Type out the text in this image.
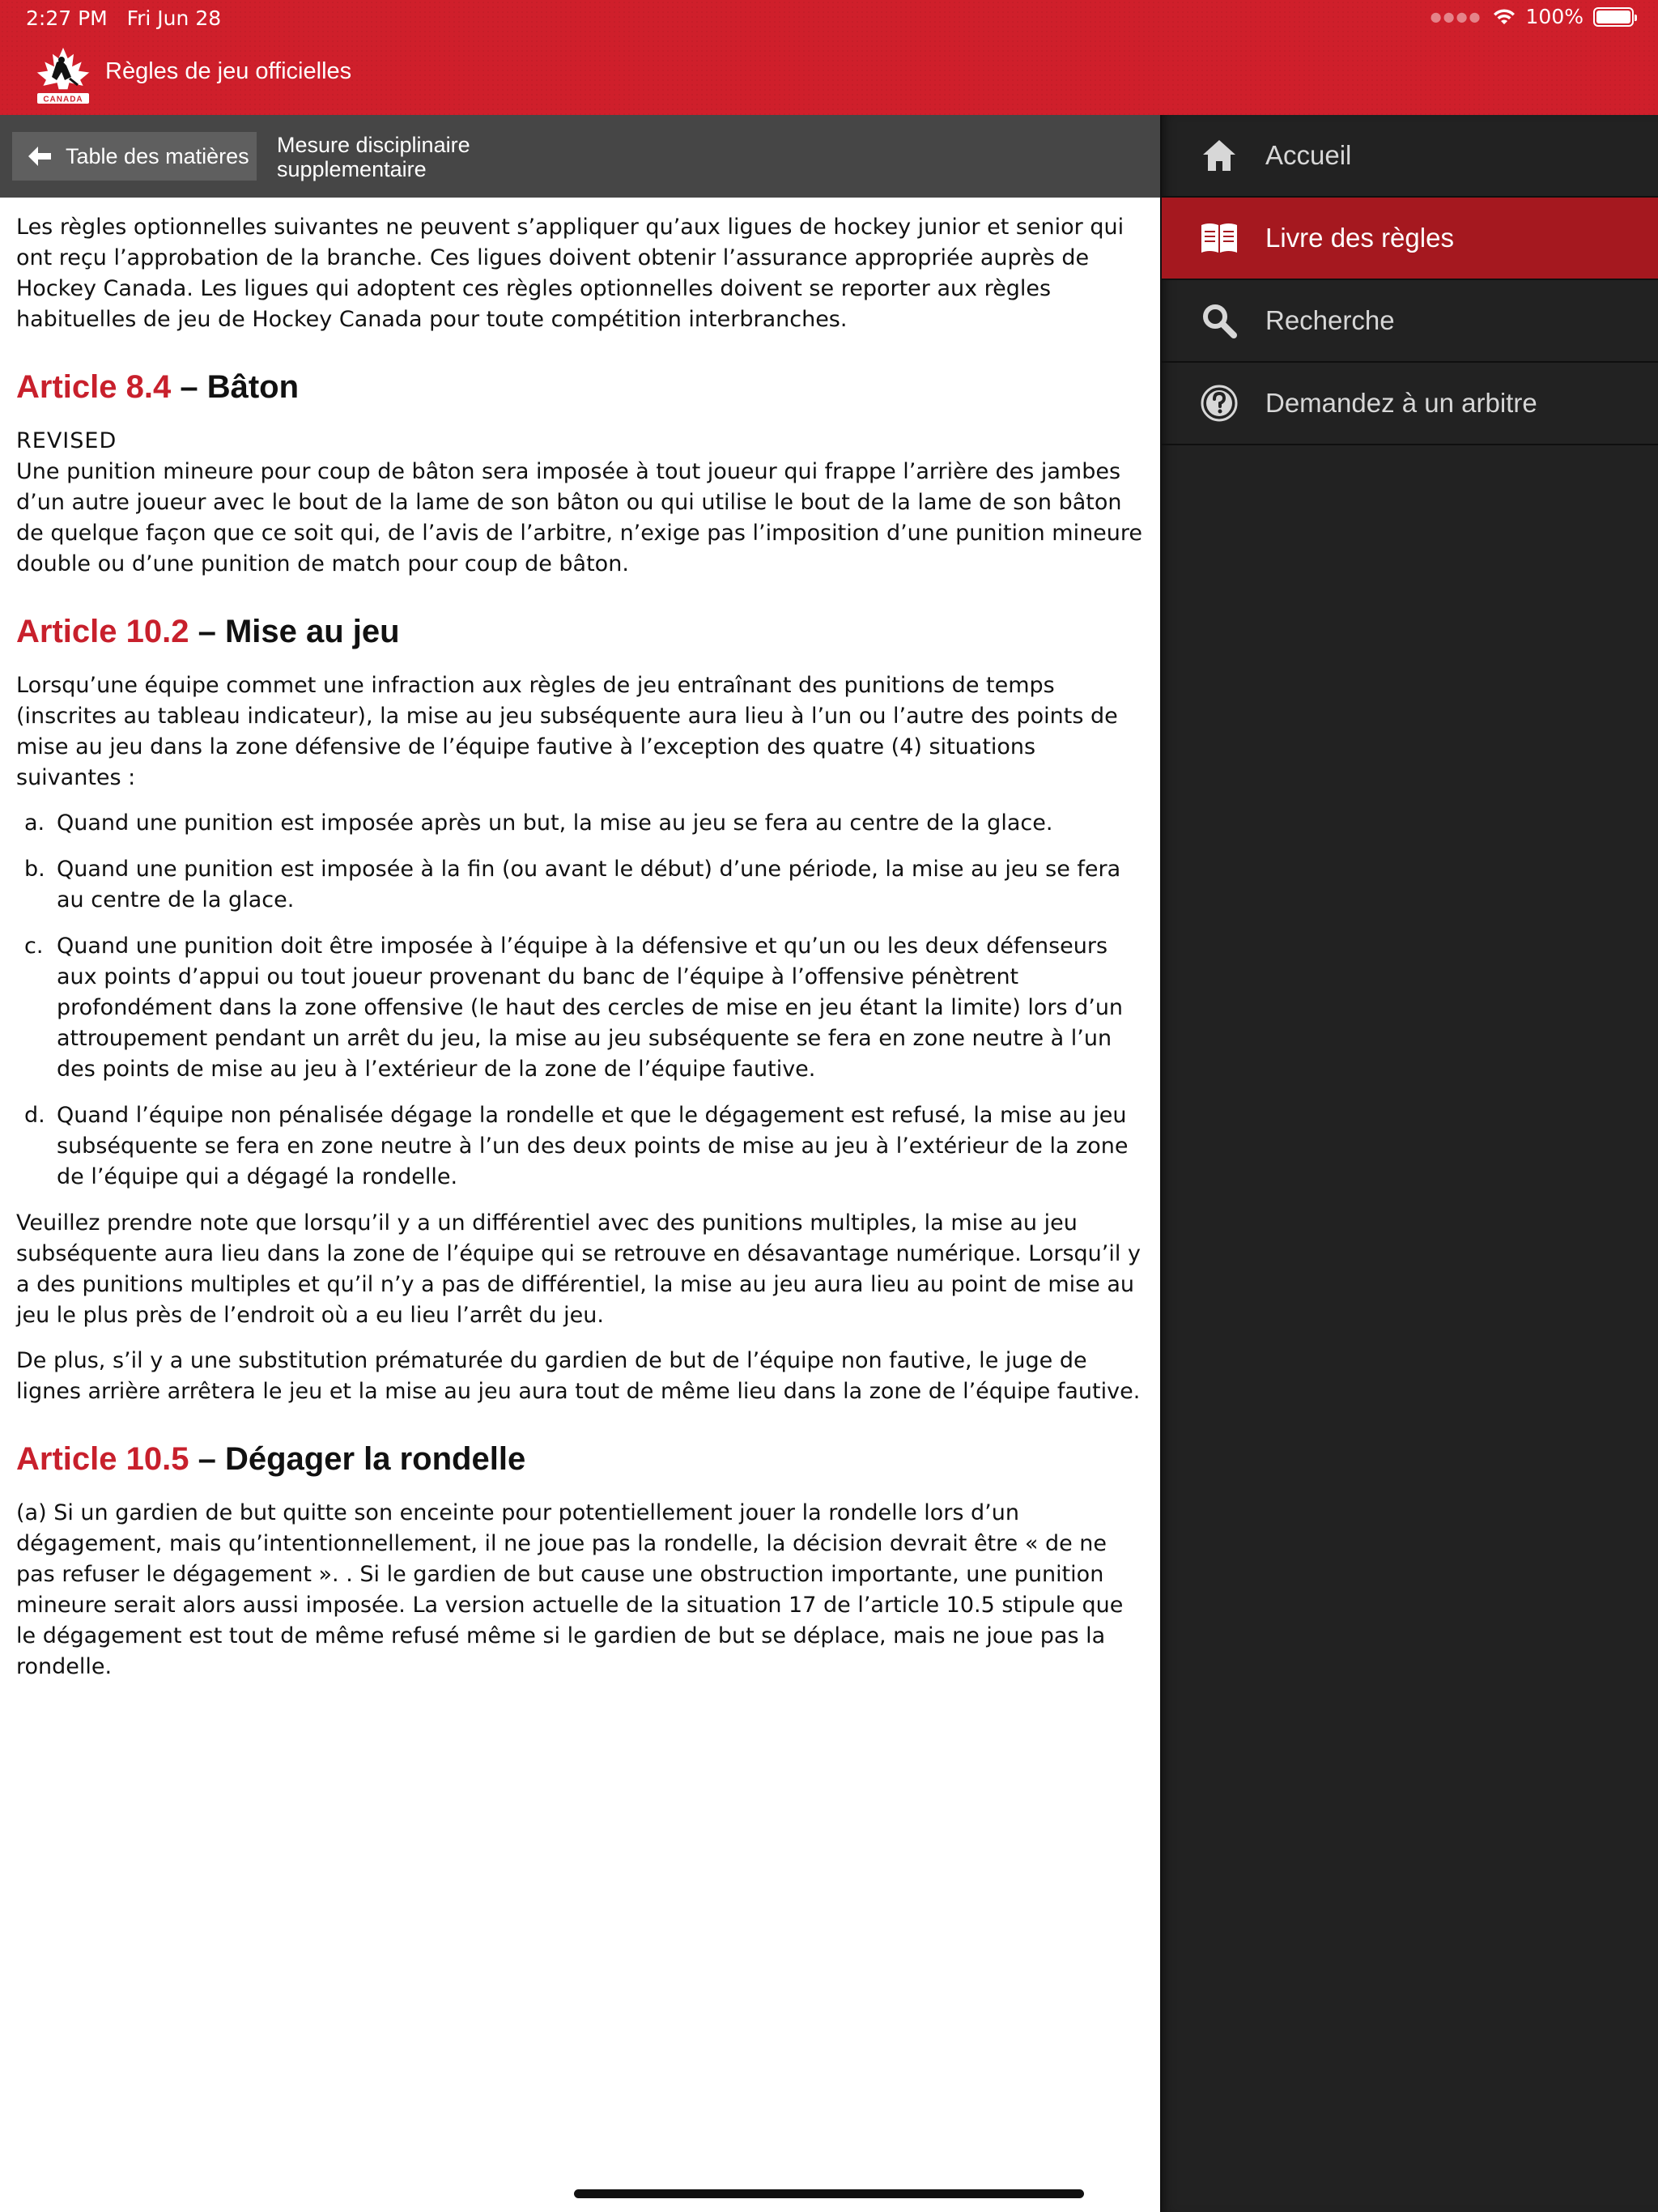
2:27 PM Fri Jun 28	●●●● 100%
CANADA
Règles de jeu officielles
Table des matières Mesure disciplinaire supplementaire

Les règles optionnelles suivantes ne peuvent s’appliquer qu’aux ligues de hockey junior et senior qui ont reçu l’approbation de la branche. Ces ligues doivent obtenir l’assurance appropriée auprès de Hockey Canada. Les ligues qui adoptent ces règles optionnelles doivent se reporter aux règles habituelles de jeu de Hockey Canada pour toute compétition interbranches.

Article 8.4 – Bâton
REVISED

Une punition mineure pour coup de bâton sera imposée à tout joueur qui frappe l’arrière des jambes d’un autre joueur avec le bout de la lame de son bâton ou qui utilise le bout de la lame de son bâton de quelque façon que ce soit qui, de l’avis de l’arbitre, n’exige pas l’imposition d’une punition mineure double ou d’une punition de match pour coup de bâton.

Article 10.2 – Mise au jeu

Lorsqu’une équipe commet une infraction aux règles de jeu entraînant des punitions de temps (inscrites au tableau indicateur), la mise au jeu subséquente aura lieu à l’un ou l’autre des points de mise au jeu dans la zone défensive de l’équipe fautive à l’exception des quatre (4) situations suivantes :

a. Quand une punition est imposée après un but, la mise au jeu se fera au centre de la glace.
b. Quand une punition est imposée à la fin (ou avant le début) d’une période, la mise au jeu se fera au centre de la glace.
c. Quand une punition doit être imposée à l’équipe à la défensive et qu’un ou les deux défenseurs aux points d’appui ou tout joueur provenant du banc de l’équipe à l’offensive pénètrent profondément dans la zone offensive (le haut des cercles de mise en jeu étant la limite) lors d’un attroupement pendant un arrêt du jeu, la mise au jeu subséquente se fera en zone neutre à l’un des points de mise au jeu à l’extérieur de la zone de l’équipe fautive.
d. Quand l’équipe non pénalisée dégage la rondelle et que le dégagement est refusé, la mise au jeu subséquente se fera en zone neutre à l’un des deux points de mise au jeu à l’extérieur de la zone de l’équipe qui a dégagé la rondelle.

Veuillez prendre note que lorsqu’il y a un différentiel avec des punitions multiples, la mise au jeu subséquente aura lieu dans la zone de l’équipe qui se retrouve en désavantage numérique. Lorsqu’il y a des punitions multiples et qu’il n’y a pas de différentiel, la mise au jeu aura lieu au point de mise au jeu le plus près de l’endroit où a eu lieu l’arrêt du jeu.

De plus, s’il y a une substitution prématurée du gardien de but de l’équipe non fautive, le juge de lignes arrière arrêtera le jeu et la mise au jeu aura tout de même lieu dans la zone de l’équipe fautive.

Article 10.5 – Dégager la rondelle

(a) Si un gardien de but quitte son enceinte pour potentiellement jouer la rondelle lors d’un dégagement, mais qu’intentionnellement, il ne joue pas la rondelle, la décision devrait être « de ne pas refuser le dégagement ». . Si le gardien de but cause une obstruction importante, une punition mineure serait alors aussi imposée. La version actuelle de la situation 17 de l’article 10.5 stipule que le dégagement est tout de même refusé même si le gardien de but se déplace, mais ne joue pas la rondelle.

Accueil
Livre des règles
Recherche
Demandez à un arbitre
